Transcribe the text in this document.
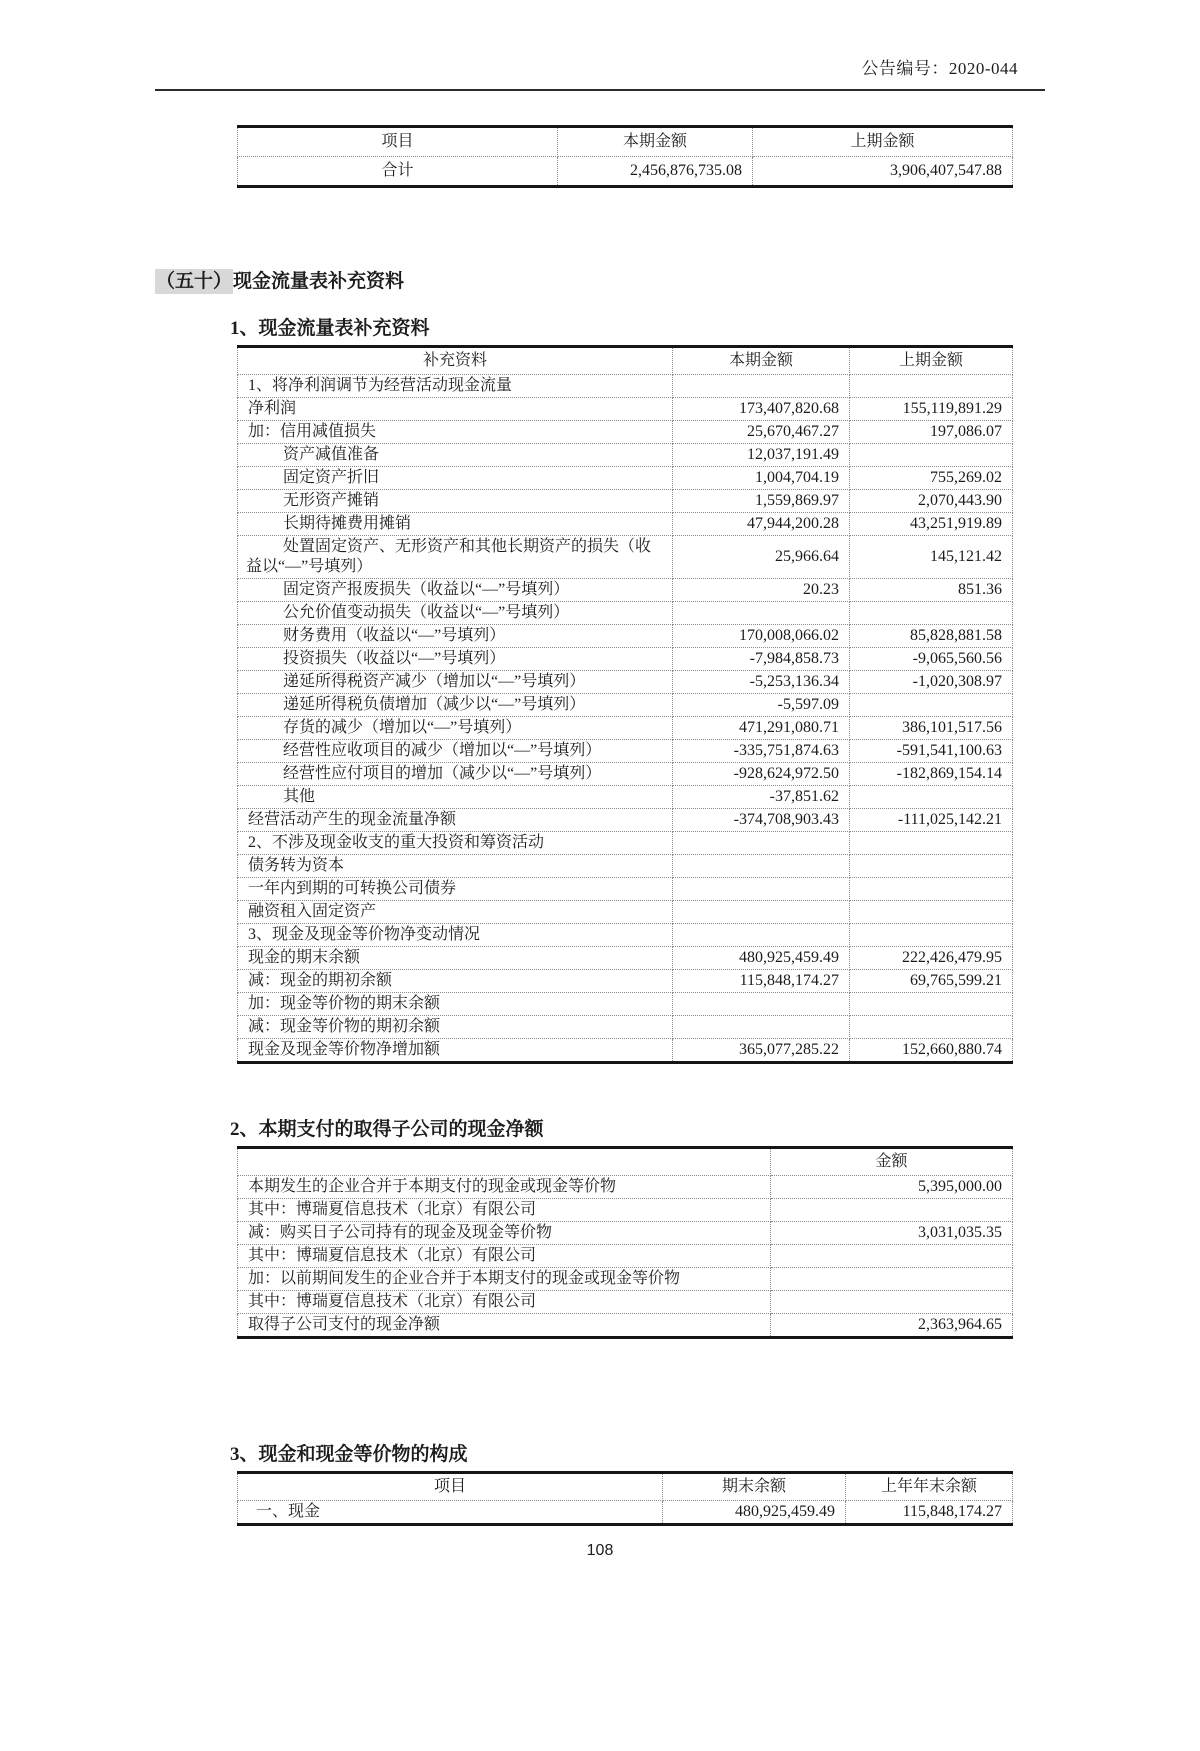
公告编号：2020-044
项目	本期金额	上期金额
合计	2,456,876,735.08	3,906,407,547.88
（五十）现金流量表补充资料
1、现金流量表补充资料
补充资料	本期金额	上期金额
1、将净利润调节为经营活动现金流量		
净利润	173,407,820.68	155,119,891.29
加：信用减值损失	25,670,467.27	197,086.07
资产减值准备	12,037,191.49	
固定资产折旧	1,004,704.19	755,269.02
无形资产摊销	1,559,869.97	2,070,443.90
长期待摊费用摊销	47,944,200.28	43,251,919.89
处置固定资产、无形资产和其他长期资产的损失（收益以“—”号填列）	25,966.64	145,121.42
固定资产报废损失（收益以“—”号填列）	20.23	851.36
公允价值变动损失（收益以“—”号填列）		
财务费用（收益以“—”号填列）	170,008,066.02	85,828,881.58
投资损失（收益以“—”号填列）	-7,984,858.73	-9,065,560.56
递延所得税资产减少（增加以“—”号填列）	-5,253,136.34	-1,020,308.97
递延所得税负债增加（减少以“—”号填列）	-5,597.09	
存货的减少（增加以“—”号填列）	471,291,080.71	386,101,517.56
经营性应收项目的减少（增加以“—”号填列）	-335,751,874.63	-591,541,100.63
经营性应付项目的增加（减少以“—”号填列）	-928,624,972.50	-182,869,154.14
其他	-37,851.62	
经营活动产生的现金流量净额	-374,708,903.43	-111,025,142.21
2、不涉及现金收支的重大投资和筹资活动		
债务转为资本		
一年内到期的可转换公司债券		
融资租入固定资产		
3、现金及现金等价物净变动情况		
现金的期末余额	480,925,459.49	222,426,479.95
减：现金的期初余额	115,848,174.27	69,765,599.21
加：现金等价物的期末余额		
减：现金等价物的期初余额		
现金及现金等价物净增加额	365,077,285.22	152,660,880.74
2、本期支付的取得子公司的现金净额
	金额
本期发生的企业合并于本期支付的现金或现金等价物	5,395,000.00
其中：博瑞夏信息技术（北京）有限公司	
减：购买日子公司持有的现金及现金等价物	3,031,035.35
其中：博瑞夏信息技术（北京）有限公司	
加：以前期间发生的企业合并于本期支付的现金或现金等价物	
其中：博瑞夏信息技术（北京）有限公司	
取得子公司支付的现金净额	2,363,964.65
3、现金和现金等价物的构成
项目	期末余额	上年年末余额
一、现金	480,925,459.49	115,848,174.27
108
